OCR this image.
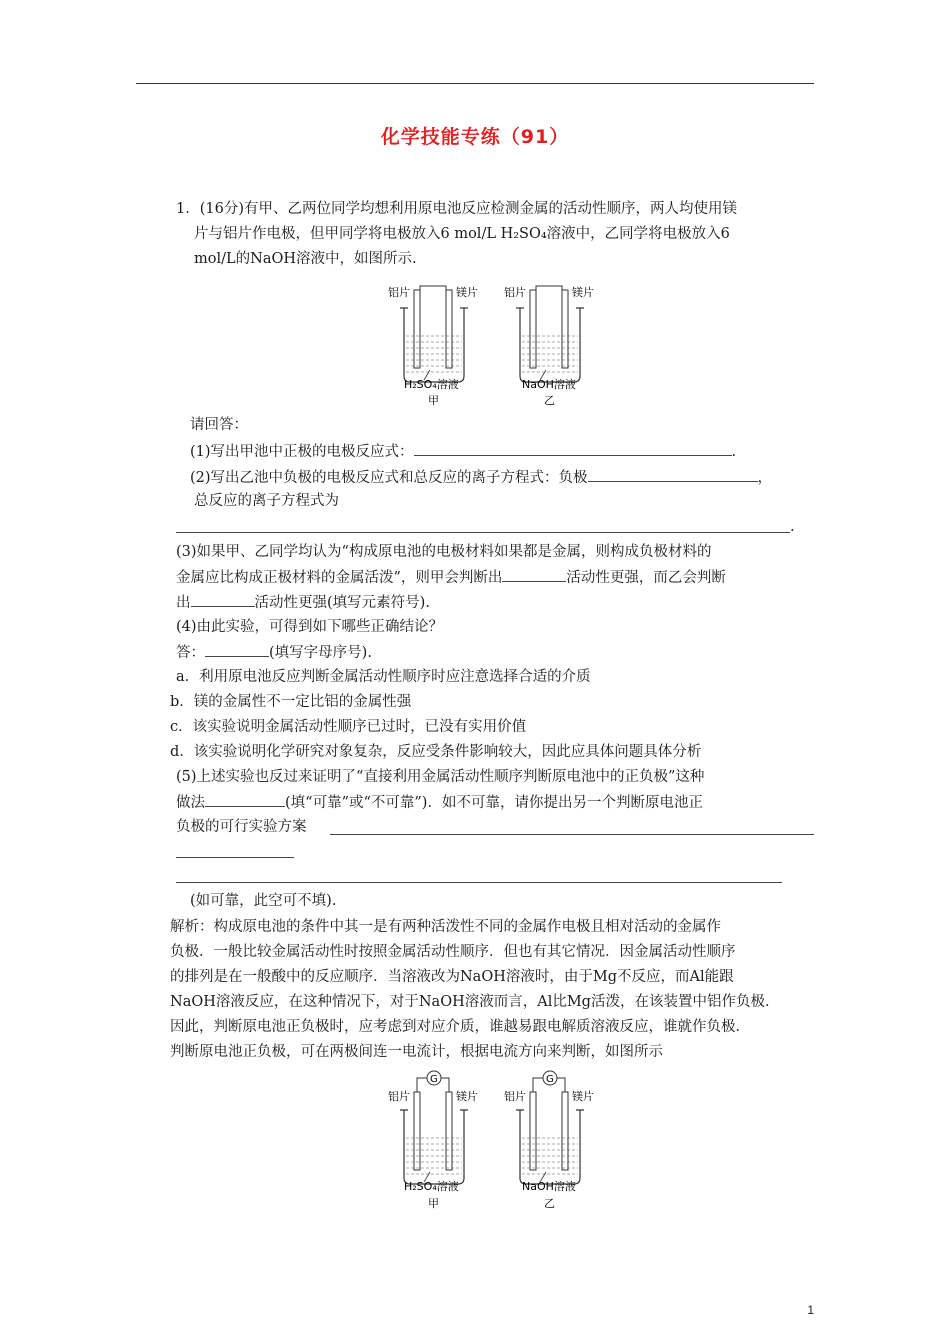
化学技能专练（91）
1．(16分)有甲、乙两位同学均想利用原电池反应检测金属的活动性顺序，两人均使用镁
片与铝片作电极，但甲同学将电极放入6 mol/L H₂SO₄溶液中，乙同学将电极放入6
mol/L的NaOH溶液中，如图所示.
铝片	镁片
H₂SO₄溶液
甲
铝片	镁片
NaOH溶液
乙
请回答：
(1)写出甲池中正极的电极反应式：	.
(2)写出乙池中负极的电极反应式和总反应的离子方程式：负极	，
总反应的离子方程式为
.
(3)如果甲、乙同学均认为“构成原电池的电极材料如果都是金属，则构成负极材料的
金属应比构成正极材料的金属活泼”，则甲会判断出	活动性更强，而乙会判断
出	活动性更强(填写元素符号).
(4)由此实验，可得到如下哪些正确结论？
答：	(填写字母序号).
a．利用原电池反应判断金属活动性顺序时应注意选择合适的介质
b．镁的金属性不一定比铝的金属性强
c．该实验说明金属活动性顺序已过时，已没有实用价值
d．该实验说明化学研究对象复杂，反应受条件影响较大，因此应具体问题具体分析
(5)上述实验也反过来证明了“直接利用金属活动性顺序判断原电池中的正负极”这种
做法	(填“可靠”或“不可靠”)．如不可靠，请你提出另一个判断原电池正
负极的可行实验方案
(如可靠，此空可不填).
解析：构成原电池的条件中其一是有两种活泼性不同的金属作电极且相对活动的金属作
负极．一般比较金属活动性时按照金属活动性顺序．但也有其它情况．因金属活动性顺序
的排列是在一般酸中的反应顺序．当溶液改为NaOH溶液时，由于Mg不反应，而Al能跟
NaOH溶液反应，在这种情况下，对于NaOH溶液而言，Al比Mg活泼，在该装置中铝作负极．
因此，判断原电池正负极时，应考虑到对应介质，谁越易跟电解质溶液反应，谁就作负极．
判断原电池正负极，可在两极间连一电流计，根据电流方向来判断，如图所示
G
铝片	镁片
H₂SO₄溶液
甲
G
铝片	镁片
NaOH溶液
乙
1
